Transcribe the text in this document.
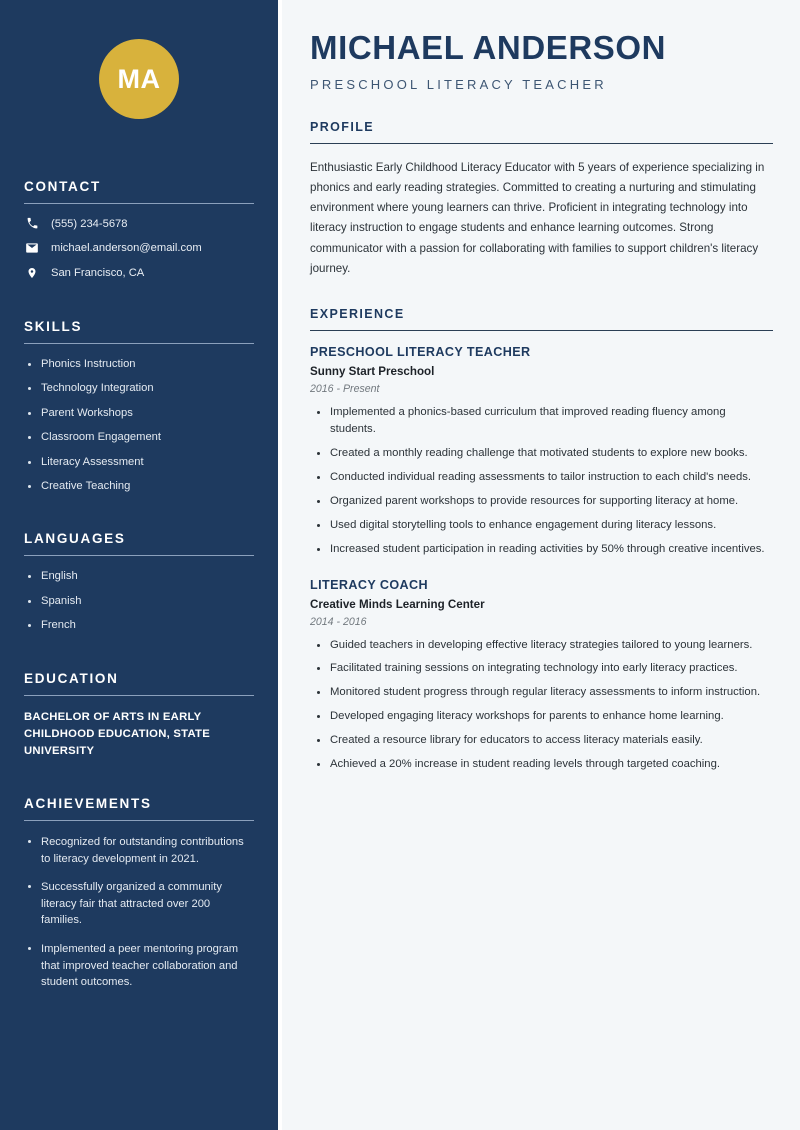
MA
CONTACT
(555) 234-5678
michael.anderson@email.com
San Francisco, CA
SKILLS
Phonics Instruction
Technology Integration
Parent Workshops
Classroom Engagement
Literacy Assessment
Creative Teaching
LANGUAGES
English
Spanish
French
EDUCATION
BACHELOR OF ARTS IN EARLY CHILDHOOD EDUCATION, STATE UNIVERSITY
ACHIEVEMENTS
Recognized for outstanding contributions to literacy development in 2021.
Successfully organized a community literacy fair that attracted over 200 families.
Implemented a peer mentoring program that improved teacher collaboration and student outcomes.
MICHAEL ANDERSON
PRESCHOOL LITERACY TEACHER
PROFILE

Enthusiastic Early Childhood Literacy Educator with 5 years of experience specializing in phonics and early reading strategies. Committed to creating a nurturing and stimulating environment where young learners can thrive. Proficient in integrating technology into literacy instruction to engage students and enhance learning outcomes. Strong communicator with a passion for collaborating with families to support children's literacy journey.

EXPERIENCE
PRESCHOOL LITERACY TEACHER
Sunny Start Preschool
2016 - Present
Implemented a phonics-based curriculum that improved reading fluency among students.
Created a monthly reading challenge that motivated students to explore new books.
Conducted individual reading assessments to tailor instruction to each child's needs.
Organized parent workshops to provide resources for supporting literacy at home.
Used digital storytelling tools to enhance engagement during literacy lessons.
Increased student participation in reading activities by 50% through creative incentives.
LITERACY COACH
Creative Minds Learning Center
2014 - 2016
Guided teachers in developing effective literacy strategies tailored to young learners.
Facilitated training sessions on integrating technology into early literacy practices.
Monitored student progress through regular literacy assessments to inform instruction.
Developed engaging literacy workshops for parents to enhance home learning.
Created a resource library for educators to access literacy materials easily.
Achieved a 20% increase in student reading levels through targeted coaching.
